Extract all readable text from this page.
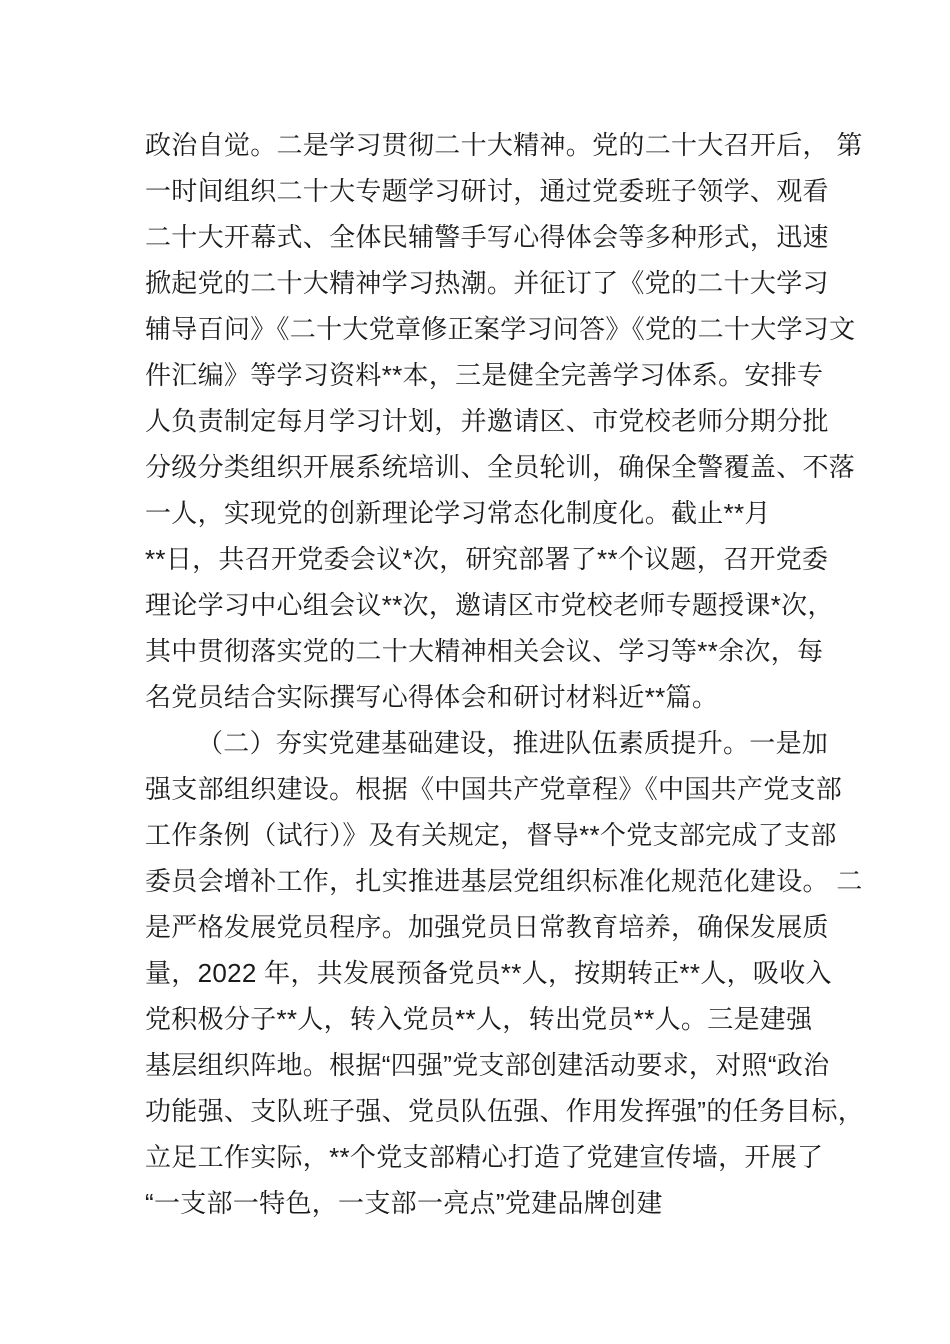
政治自觉。二是学习贯彻二十大精神。党的二十大召开后， 第
一时间组织二十大专题学习研讨，通过党委班子领学、观看
二十大开幕式、全体民辅警手写心得体会等多种形式，迅速
掀起党的二十大精神学习热潮。并征订了《党的二十大学习
辅导百问》《二十大党章修正案学习问答》《党的二十大学习文
件汇编》等学习资料**本，三是健全完善学习体系。安排专
人负责制定每月学习计划，并邀请区、市党校老师分期分批
分级分类组织开展系统培训、全员轮训，确保全警覆盖、不落
一人，实现党的创新理论学习常态化制度化。截止**月
**日，共召开党委会议*次，研究部署了**个议题，召开党委
理论学习中心组会议**次，邀请区市党校老师专题授课*次，
其中贯彻落实党的二十大精神相关会议、学习等**余次，每
名党员结合实际撰写心得体会和研讨材料近**篇。
（二）夯实党建基础建设，推进队伍素质提升。一是加
强支部组织建设。根据《中国共产党章程》《中国共产党支部
工作条例（试行）》及有关规定，督导**个党支部完成了支部
委员会增补工作，扎实推进基层党组织标准化规范化建设。 二
是严格发展党员程序。加强党员日常教育培养，确保发展质
量，2022 年，共发展预备党员**人，按期转正**人，吸收入
党积极分子**人，转入党员**人，转出党员**人。三是建强
基层组织阵地。根据“四强”党支部创建活动要求，对照“政治
功能强、支队班子强、党员队伍强、作用发挥强”的任务目标，
立足工作实际，**个党支部精心打造了党建宣传墙，开展了
“一支部一特色，一支部一亮点”党建品牌创建
